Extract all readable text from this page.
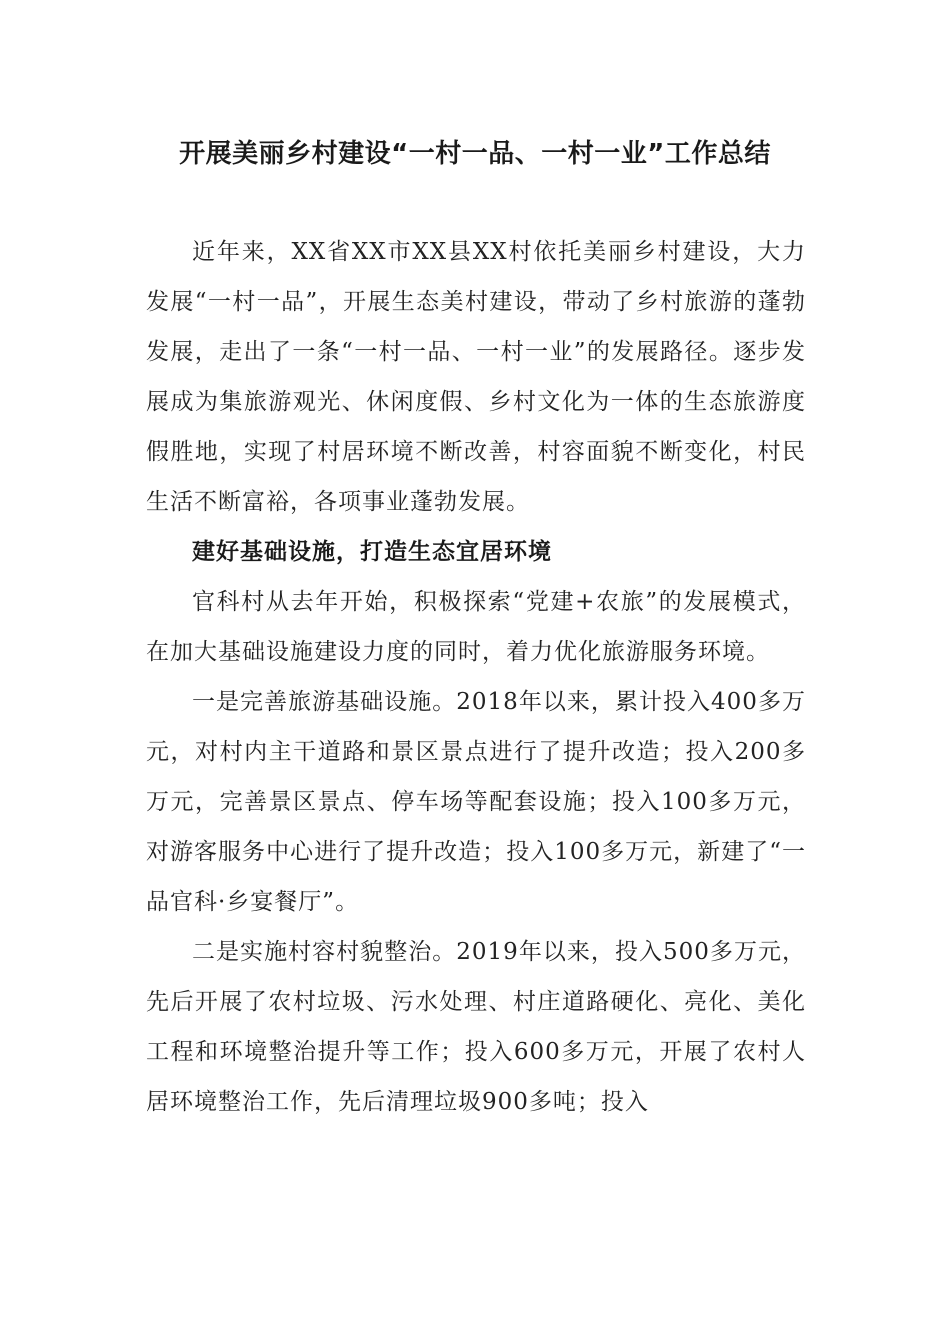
开展美丽乡村建设“一村一品、一村一业”工作总结

近年来，XX省XX市XX县XX村依托美丽乡村建设，大力发展“一村一品”，开展生态美村建设，带动了乡村旅游的蓬勃发展，走出了一条“一村一品、一村一业”的发展路径。逐步发展成为集旅游观光、休闲度假、乡村文化为一体的生态旅游度假胜地，实现了村居环境不断改善，村容面貌不断变化，村民生活不断富裕，各项事业蓬勃发展。

建好基础设施，打造生态宜居环境

官科村从去年开始，积极探索“党建+农旅”的发展模式，在加大基础设施建设力度的同时，着力优化旅游服务环境。

一是完善旅游基础设施。2018年以来，累计投入400多万元，对村内主干道路和景区景点进行了提升改造；投入200多万元，完善景区景点、停车场等配套设施；投入100多万元，对游客服务中心进行了提升改造；投入100多万元，新建了“一品官科·乡宴餐厅”。

二是实施村容村貌整治。2019年以来，投入500多万元，先后开展了农村垃圾、污水处理、村庄道路硬化、亮化、美化工程和环境整治提升等工作；投入600多万元，开展了农村人居环境整治工作，先后清理垃圾900多吨；投入
